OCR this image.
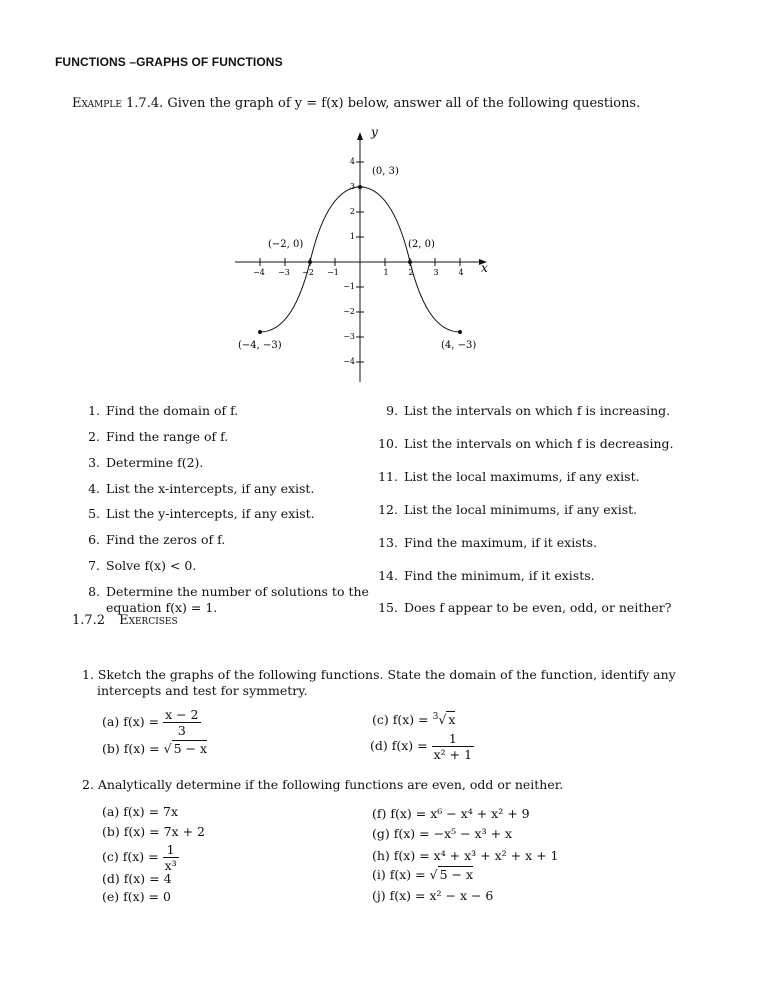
FUNCTIONS –GRAPHS OF FUNCTIONS
Example 1.7.4. Given the graph of y = f(x) below, answer all of the following questions.
y
x
−4 −3 −2 −1	1 2 3 4
4
3
2
1
−1
−2
−3
−4
(0, 3)
(−2, 0)	(2, 0)
(−4, −3)	(4, −3)
1. Find the domain of f.
2. Find the range of f.
3. Determine f(2).
4. List the x-intercepts, if any exist.
5. List the y-intercepts, if any exist.
6. Find the zeros of f.
7. Solve f(x) < 0.
8. Determine the number of solutions to the
equation f(x) = 1.
9. List the intervals on which f is increasing.
10. List the intervals on which f is decreasing.
11. List the local maximums, if any exist.
12. List the local minimums, if any exist.
13. Find the maximum, if it exists.
14. Find the minimum, if it exists.
15. Does f appear to be even, odd, or neither?
1.7.2 Exercises
1. Sketch the graphs of the following functions. State the domain of the function, identify any
intercepts and test for symmetry.
(a) $f(x) = \frac{x - 2}{3}$
(b) f(x) = √ 5 − x
(c) f(x) = $^3$√ x
(d) $f(x) = \frac{1}{\text{x² + 1}}$
2. Analytically determine if the following functions are even, odd or neither.
(a) f(x) = 7x
(b) f(x) = 7x + 2
(c) $f(x) = \frac{1}{\text{x³}}$
(d) f(x) = 4
(e) f(x) = 0
(f) f(x) = x⁶ − x⁴ + x² + 9
(g) f(x) = −x⁵ − x³ + x
(h) f(x) = x⁴ + x³ + x² + x + 1
(i) f(x) = √ 5 − x
(j) f(x) = x² − x − 6
